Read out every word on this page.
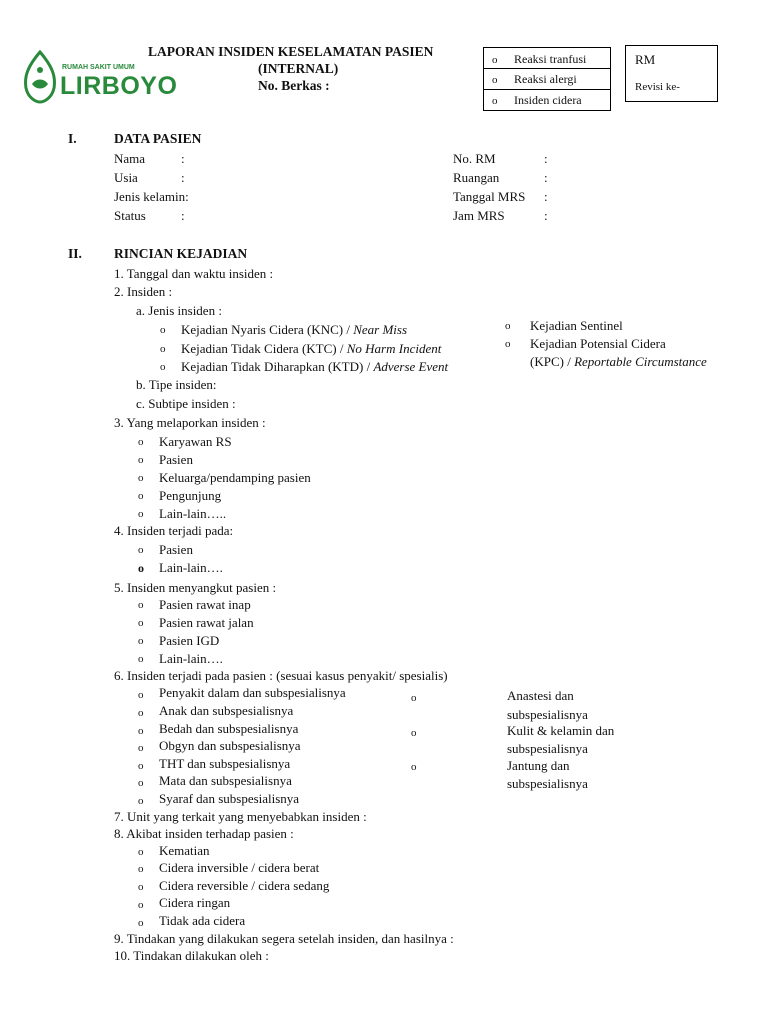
RUMAH SAKIT UMUM
LIRBOYO
LAPORAN INSIDEN KESELAMATAN PASIEN
(INTERNAL)
No. Berkas :
o Reaksi tranfusi
o Reaksi alergi
o Insiden cidera
RM
Revisi ke-
I.	DATA PASIEN
Nama	:
Usia	:
Jenis kelamin:
Status	:
No. RM	:
Ruangan	:
Tanggal MRS :
Jam MRS	:
II. RINCIAN KEJADIAN
1. Tanggal dan waktu insiden :
2. Insiden :
a. Jenis insiden :
o Kejadian Nyaris Cidera (KNC) / Near Miss
o Kejadian Tidak Cidera (KTC) / No Harm Incident
o Kejadian Tidak Diharapkan (KTD) / Adverse Event
o Kejadian Sentinel
o Kejadian Potensial Cidera
(KPC) / Reportable Circumstance
b. Tipe insiden:
c. Subtipe insiden :
3. Yang melaporkan insiden :
o Karyawan RS
o Pasien
o Keluarga/pendamping pasien
o Pengunjung
o Lain-lain…..
4. Insiden terjadi pada:
o Pasien
o Lain-lain….
5. Insiden menyangkut pasien :
o Pasien rawat inap
o Pasien rawat jalan
o Pasien IGD
o Lain-lain….
6. Insiden terjadi pada pasien : (sesuai kasus penyakit/ spesialis)
o Penyakit dalam dan subspesialisnya
o Anak dan subspesialisnya
o Bedah dan subspesialisnya
o Obgyn dan subspesialisnya
o THT dan subspesialisnya
o Mata dan subspesialisnya
o Syaraf dan subspesialisnya
o	Anastesi dan
subspesialisnya
o	Kulit & kelamin dan
subspesialisnya
o	Jantung dan
subspesialisnya
7. Unit yang terkait yang menyebabkan insiden :
8. Akibat insiden terhadap pasien :
o Kematian
o Cidera inversible / cidera berat
o Cidera reversible / cidera sedang
o Cidera ringan
o Tidak ada cidera
9. Tindakan yang dilakukan segera setelah insiden, dan hasilnya :
10. Tindakan dilakukan oleh :
